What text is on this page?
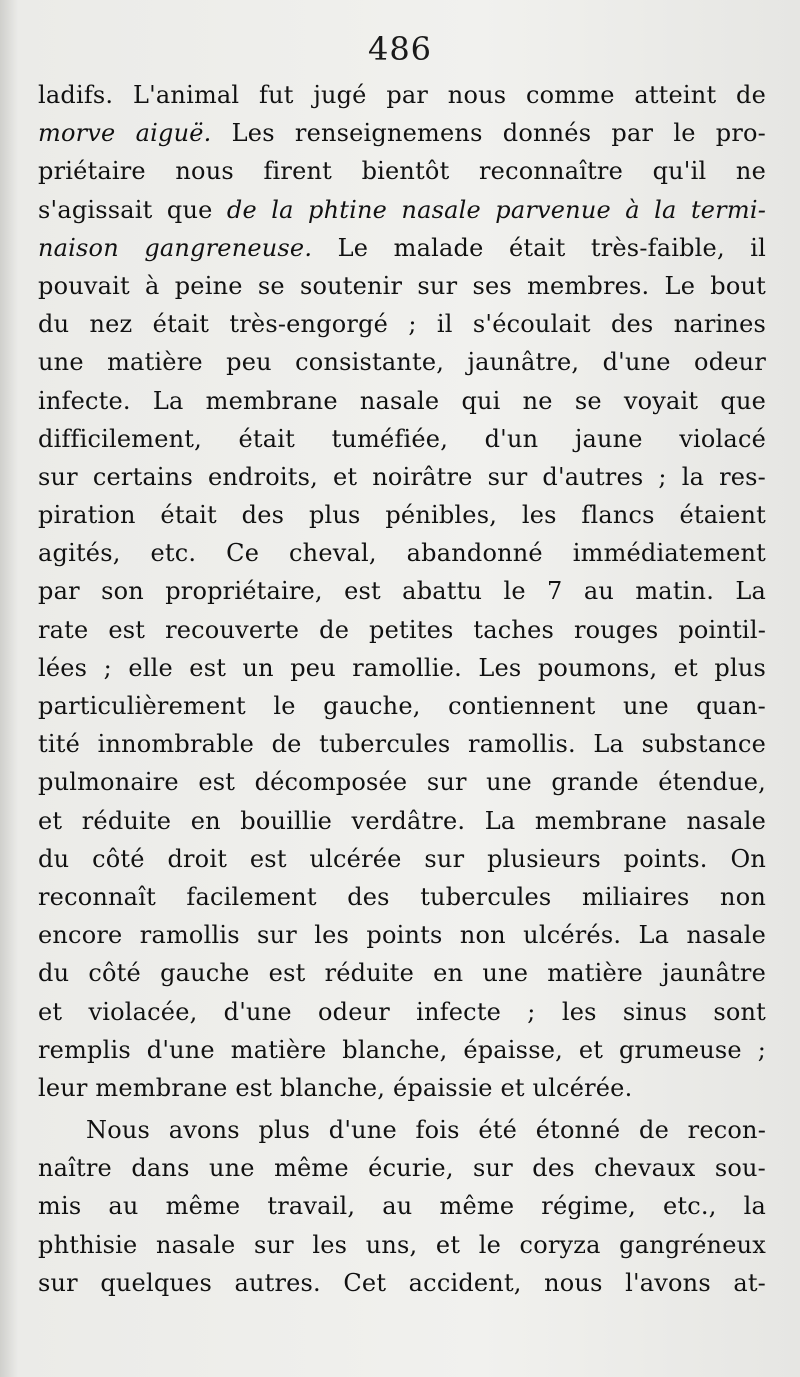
486
ladifs. L'animal fut jugé par nous comme atteint de
morve aiguë. Les renseignemens donnés par le pro-
priétaire nous firent bientôt reconnaître qu'il ne
s'agissait que de la phtine nasale parvenue à la termi-
naison gangreneuse. Le malade était très-faible, il
pouvait à peine se soutenir sur ses membres. Le bout
du nez était très-engorgé ; il s'écoulait des narines
une matière peu consistante, jaunâtre, d'une odeur
infecte. La membrane nasale qui ne se voyait que
difficilement, était tuméfiée, d'un jaune violacé
sur certains endroits, et noirâtre sur d'autres ; la res-
piration était des plus pénibles, les flancs étaient
agités, etc. Ce cheval, abandonné immédiatement
par son propriétaire, est abattu le 7 au matin. La
rate est recouverte de petites taches rouges pointil-
lées ; elle est un peu ramollie. Les poumons, et plus
particulièrement le gauche, contiennent une quan-
tité innombrable de tubercules ramollis. La substance
pulmonaire est décomposée sur une grande étendue,
et réduite en bouillie verdâtre. La membrane nasale
du côté droit est ulcérée sur plusieurs points. On
reconnaît facilement des tubercules miliaires non
encore ramollis sur les points non ulcérés. La nasale
du côté gauche est réduite en une matière jaunâtre
et violacée, d'une odeur infecte ; les sinus sont
remplis d'une matière blanche, épaisse, et grumeuse ;
leur membrane est blanche, épaissie et ulcérée.
Nous avons plus d'une fois été étonné de recon-
naître dans une même écurie, sur des chevaux sou-
mis au même travail, au même régime, etc., la
phthisie nasale sur les uns, et le coryza gangréneux
sur quelques autres. Cet accident, nous l'avons at-
